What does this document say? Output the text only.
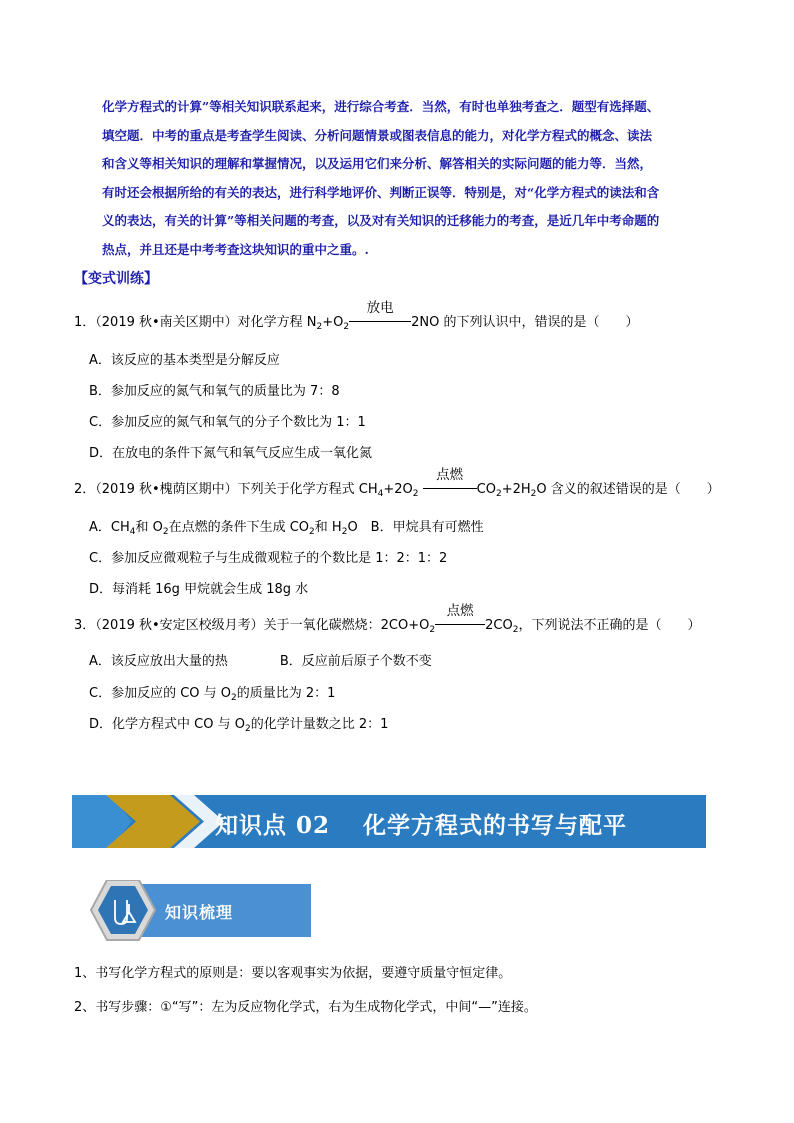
化学方程式的计算”等相关知识联系起来，进行综合考查．当然，有时也单独考查之．题型有选择题、
填空题．中考的重点是考查学生阅读、分析问题情景或图表信息的能力，对化学方程式的概念、读法
和含义等相关知识的理解和掌握情况，以及运用它们来分析、解答相关的实际问题的能力等．当然，
有时还会根据所给的有关的表达，进行科学地评价、判断正误等．特别是，对“化学方程式的读法和含
义的表达，有关的计算”等相关问题的考查，以及对有关知识的迁移能力的考查，是近几年中考命题的
热点，并且还是中考考查这块知识的重中之重。.
【变式训练】
1．（2019 秋•南关区期中）对化学方程 $N_2+O_2$
放电
2NO 的下列认识中，错误的是（　　）
A．该反应的基本类型是分解反应
B．参加反应的氮气和氧气的质量比为 7：8
C．参加反应的氮气和氧气的分子个数比为 1：1
D．在放电的条件下氮气和氧气反应生成一氧化氮
2．（2019 秋•槐荫区期中）下列关于化学方程式 $CH_4+2O_2$
点燃
$CO_2+2H_2O$ 含义的叙述错误的是（　　）
A．$CH_4$和 $O_2$在点燃的条件下生成 $CO_2$和 $H_2O$　B．甲烷具有可燃性
C．参加反应微观粒子与生成微观粒子的个数比是 1：2：1：2
D．每消耗 16g 甲烷就会生成 18g 水
3．（2019 秋•安定区校级月考）关于一氧化碳燃烧：$2CO+O_2$
点燃
$2CO_2$，下列说法不正确的是（　　）
A．该反应放出大量的热　　　　B．反应前后原子个数不变
C．参加反应的 CO 与 $O_2$的质量比为 2：1
D．化学方程式中 CO 与 $O_2$的化学计量数之比 2：1
知识点 02　 化学方程式的书写与配平
知识梳理
1、书写化学方程式的原则是：要以客观事实为依据，要遵守质量守恒定律。
2、书写步骤：①“写”：左为反应物化学式，右为生成物化学式，中间“—”连接。
